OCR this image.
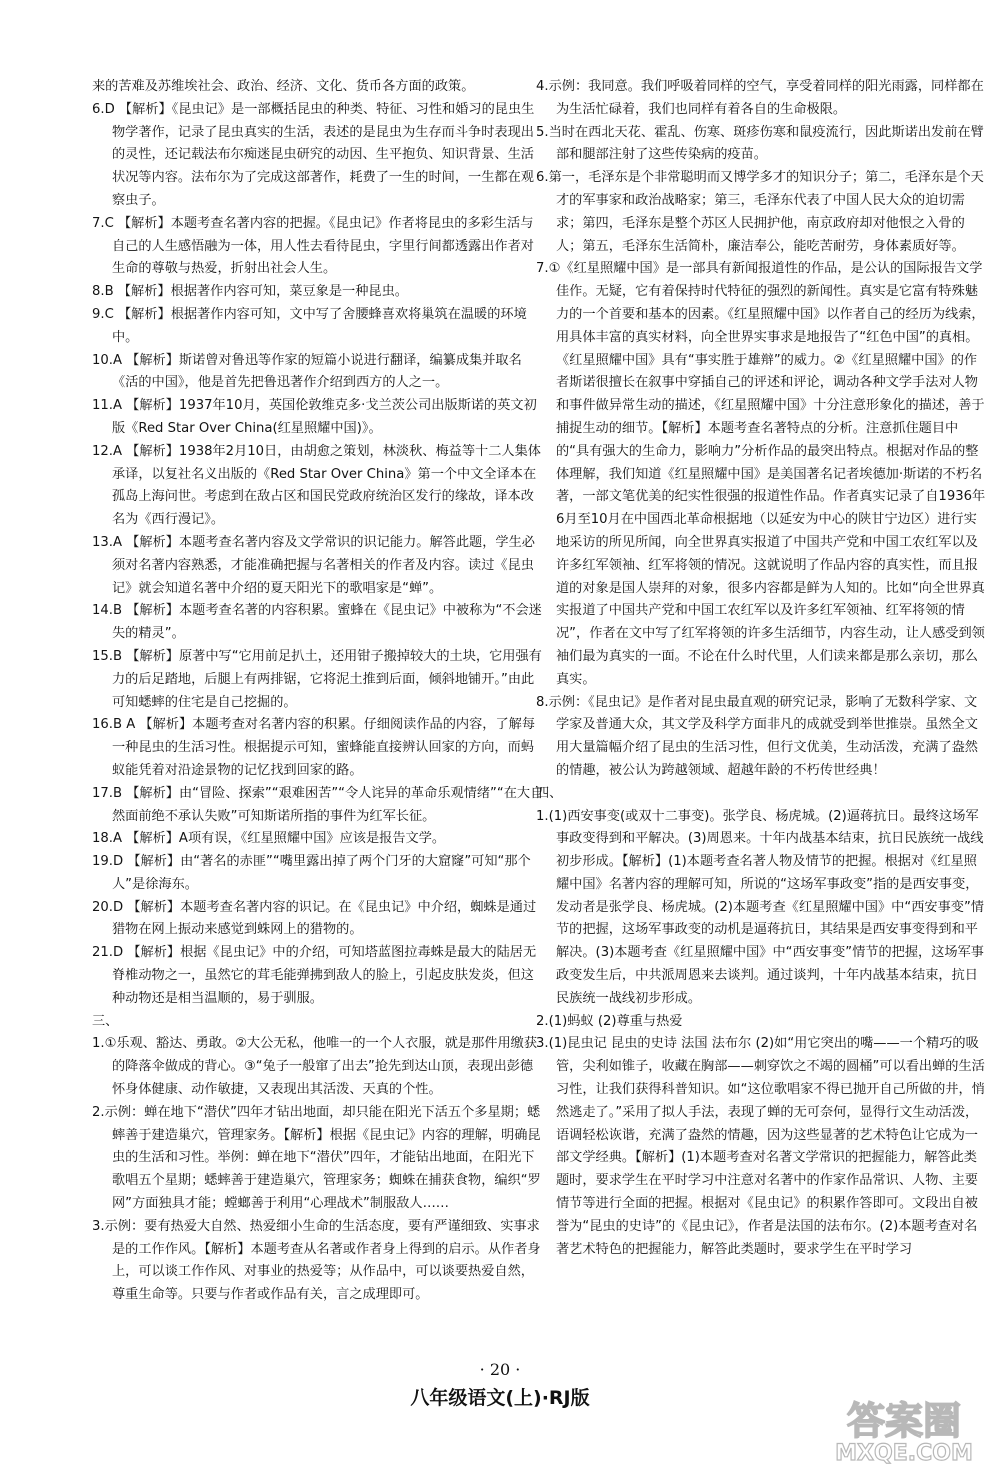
来的苦难及苏维埃社会、政治、经济、文化、货币各方面的政策。

6.D 【解析】《昆虫记》是一部概括昆虫的种类、特征、习性和婚习的昆虫生物学著作，记录了昆虫真实的生活，表述的是昆虫为生存而斗争时表现出的灵性，还记载法布尔痴迷昆虫研究的动因、生平抱负、知识背景、生活状况等内容。法布尔为了完成这部著作，耗费了一生的时间，一生都在观察虫子。
7.C 【解析】本题考查名著内容的把握。《昆虫记》作者将昆虫的多彩生活与自己的人生感悟融为一体，用人性去看待昆虫，字里行间都透露出作者对生命的尊敬与热爱，折射出社会人生。
8.B 【解析】根据著作内容可知，菜豆象是一种昆虫。
9.C 【解析】根据著作内容可知，文中写了舍腰蜂喜欢将巢筑在温暖的环境中。
10.A 【解析】斯诺曾对鲁迅等作家的短篇小说进行翻译，编纂成集并取名《活的中国》，他是首先把鲁迅著作介绍到西方的人之一。
11.A 【解析】1937年10月，英国伦敦维克多·戈兰茨公司出版斯诺的英文初版《Red Star Over China(红星照耀中国)》。
12.A 【解析】1938年2月10日，由胡愈之策划，林淡秋、梅益等十二人集体承译，以复社名义出版的《Red Star Over China》第一个中文全译本在孤岛上海问世。考虑到在敌占区和国民党政府统治区发行的缘故，译本改名为《西行漫记》。
13.A 【解析】本题考查名著内容及文学常识的识记能力。解答此题，学生必须对名著内容熟悉，才能准确把握与名著相关的作者及内容。读过《昆虫记》就会知道名著中介绍的夏天阳光下的歌唱家是“蝉”。
14.B 【解析】本题考查名著的内容积累。蜜蜂在《昆虫记》中被称为“不会迷失的精灵”。
15.B 【解析】原著中写“它用前足扒土，还用钳子搬掉较大的土块，它用强有力的后足踏地，后腿上有两排锯，它将泥土推到后面，倾斜地铺开。”由此可知蟋蟀的住宅是自己挖掘的。
16.B A 【解析】本题考查对名著内容的积累。仔细阅读作品的内容，了解每一种昆虫的生活习性。根据提示可知，蜜蜂能直接辨认回家的方向，而蚂蚁能凭着对沿途景物的记忆找到回家的路。
17.B 【解析】由“冒险、探索”“艰难困苦”“令人诧异的革命乐观情绪”“在大自然面前绝不承认失败”可知斯诺所指的事件为红军长征。
18.A 【解析】A项有误，《红星照耀中国》应该是报告文学。
19.D 【解析】由“著名的赤匪”“嘴里露出掉了两个门牙的大窟窿”可知“那个人”是徐海东。
20.D 【解析】本题考查名著内容的识记。在《昆虫记》中介绍，蜘蛛是通过猎物在网上振动来感觉到蛛网上的猎物的。
21.D 【解析】根据《昆虫记》中的介绍，可知塔蓝图拉毒蛛是最大的陆居无脊椎动物之一，虽然它的茸毛能弹拂到敌人的脸上，引起皮肤发炎，但这种动物还是相当温顺的，易于驯服。

三、

1.①乐观、豁达、勇敢。②大公无私，他唯一的一个人衣服，就是那件用缴获的降落伞做成的背心。③“兔子一般窜了出去”抢先到达山顶，表现出彭德怀身体健康、动作敏捷，又表现出其活泼、天真的个性。
2.示例：蝉在地下“潜伏”四年才钻出地面，却只能在阳光下活五个多星期；蟋蟀善于建造巢穴，管理家务。【解析】根据《昆虫记》内容的理解，明确昆虫的生活和习性。举例：蝉在地下“潜伏”四年，才能钻出地面，在阳光下歌唱五个星期；蟋蟀善于建造巢穴，管理家务；蜘蛛在捕获食物，编织“罗网”方面独具才能；螳螂善于利用“心理战术”制服敌人……
3.示例：要有热爱大自然、热爱细小生命的生活态度，要有严谨细致、实事求是的工作作风。【解析】本题考查从名著或作者身上得到的启示。从作者身上，可以谈工作作风、对事业的热爱等；从作品中，可以谈要热爱自然，尊重生命等。只要与作者或作品有关，言之成理即可。
4.示例：我同意。我们呼吸着同样的空气，享受着同样的阳光雨露，同样都在为生活忙碌着，我们也同样有着各自的生命极限。
5.当时在西北天花、霍乱、伤寒、斑疹伤寒和鼠疫流行，因此斯诺出发前在臂部和腿部注射了这些传染病的疫苗。
6.第一，毛泽东是个非常聪明而又博学多才的知识分子；第二，毛泽东是个天才的军事家和政治战略家；第三，毛泽东代表了中国人民大众的迫切需求；第四，毛泽东是整个苏区人民拥护他，南京政府却对他恨之入骨的人；第五，毛泽东生活简朴，廉洁奉公，能吃苦耐劳，身体素质好等。
7.①《红星照耀中国》是一部具有新闻报道性的作品，是公认的国际报告文学佳作。无疑，它有着保持时代特征的强烈的新闻性。真实是它富有特殊魅力的一个首要和基本的因素。《红星照耀中国》以作者自己的经历为线索，用具体丰富的真实材料，向全世界实事求是地报告了“红色中国”的真相。《红星照耀中国》具有“事实胜于雄辩”的威力。②《红星照耀中国》的作者斯诺很擅长在叙事中穿插自己的评述和评论，调动各种文学手法对人物和事件做异常生动的描述，《红星照耀中国》十分注意形象化的描述，善于捕捉生动的细节。【解析】本题考查名著特点的分析。注意抓住题目中的“具有强大的生命力，影响力”分析作品的最突出特点。根据对作品的整体理解，我们知道《红星照耀中国》是美国著名记者埃德加·斯诺的不朽名著，一部文笔优美的纪实性很强的报道性作品。作者真实记录了自1936年6月至10月在中国西北革命根据地（以延安为中心的陕甘宁边区）进行实地采访的所见所闻，向全世界真实报道了中国共产党和中国工农红军以及许多红军领袖、红军将领的情况。这就说明了作品内容的真实性，而且报道的对象是国人崇拜的对象，很多内容都是鲜为人知的。比如“向全世界真实报道了中国共产党和中国工农红军以及许多红军领袖、红军将领的情况”，作者在文中写了红军将领的许多生活细节，内容生动，让人感受到领袖们最为真实的一面。不论在什么时代里，人们读来都是那么亲切，那么真实。
8.示例：《昆虫记》是作者对昆虫最直观的研究记录，影响了无数科学家、文学家及普通大众，其文学及科学方面非凡的成就受到举世推崇。虽然全文用大量篇幅介绍了昆虫的生活习性，但行文优美，生动活泼，充满了盎然的情趣，被公认为跨越领域、超越年龄的不朽传世经典！

四、

1.(1)西安事变(或双十二事变)。张学良、杨虎城。(2)逼蒋抗日。最终这场军事政变得到和平解决。(3)周恩来。十年内战基本结束，抗日民族统一战线初步形成。【解析】(1)本题考查名著人物及情节的把握。根据对《红星照耀中国》名著内容的理解可知，所说的“这场军事政变”指的是西安事变，发动者是张学良、杨虎城。(2)本题考查《红星照耀中国》中“西安事变”情节的把握，这场军事政变的动机是逼蒋抗日，其结果是西安事变得到和平解决。(3)本题考查《红星照耀中国》中“西安事变”情节的把握，这场军事政变发生后，中共派周恩来去谈判。通过谈判，十年内战基本结束，抗日民族统一战线初步形成。
2.(1)蚂蚁 (2)尊重与热爱
3.(1)昆虫记 昆虫的史诗 法国 法布尔 (2)如“用它突出的嘴——一个精巧的吸管，尖利如锥子，收藏在胸部——刺穿饮之不竭的圆桶”可以看出蝉的生活习性，让我们获得科普知识。如“这位歌唱家不得已抛开自己所做的井，悄然逃走了。”采用了拟人手法，表现了蝉的无可奈何，显得行文生动活泼，语调轻松诙谐，充满了盎然的情趣，因为这些显著的艺术特色让它成为一部文学经典。【解析】(1)本题考查对名著文学常识的把握能力，解答此类题时，要求学生在平时学习中注意对名著中的作家作品常识、人物、主要情节等进行全面的把握。根据对《昆虫记》的积累作答即可。文段出自被誉为“昆虫的史诗”的《昆虫记》，作者是法国的法布尔。(2)本题考查对名著艺术特色的把握能力，解答此类题时，要求学生在平时学习
· 20 ·
八年级语文(上)·RJ版
答案圈
MXQE.COM
